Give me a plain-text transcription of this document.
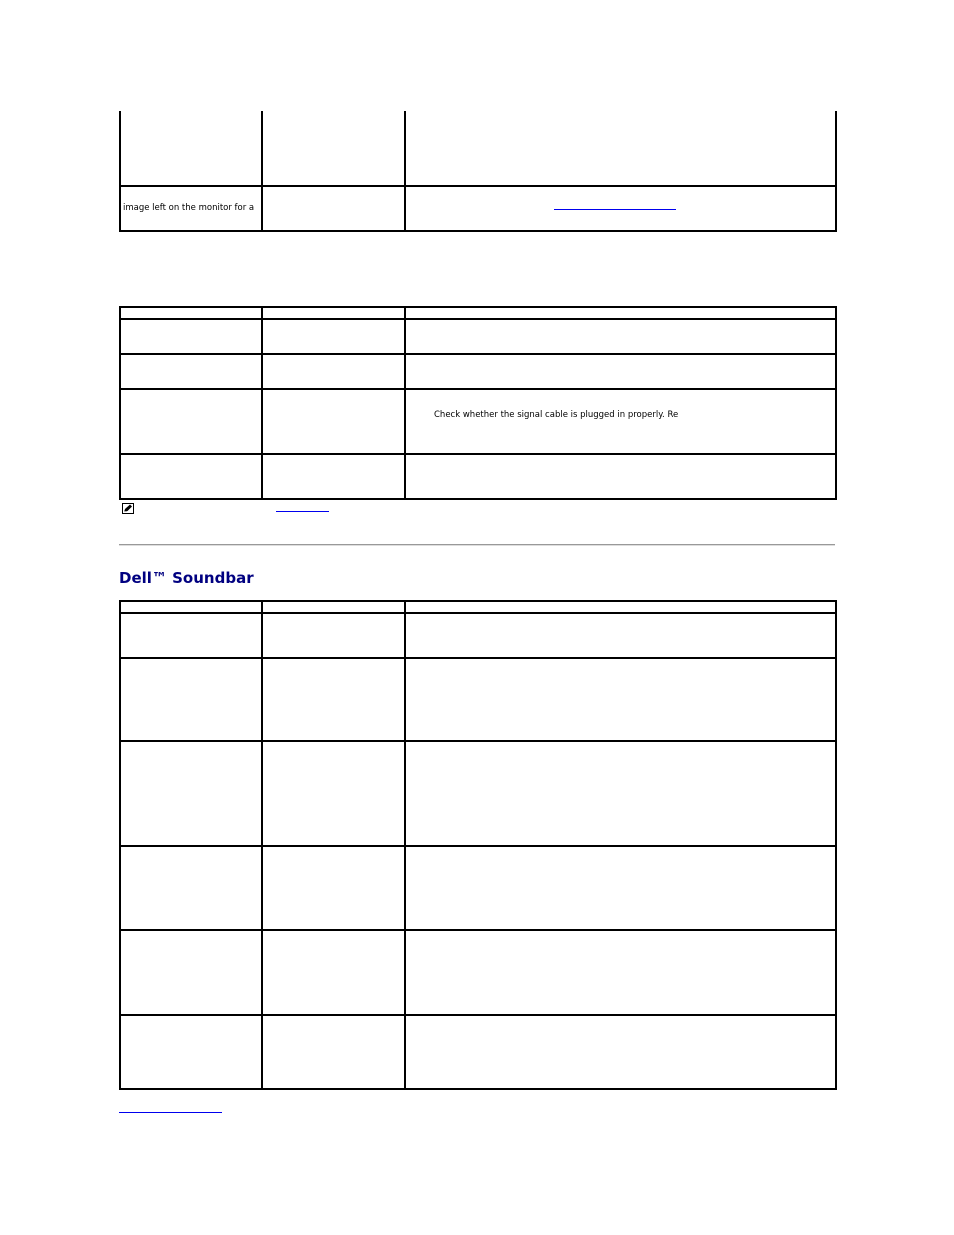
image left on the monitor for a		

		Check whether the signal cable is plugged in properly. Re

Dell™ Soundbar
